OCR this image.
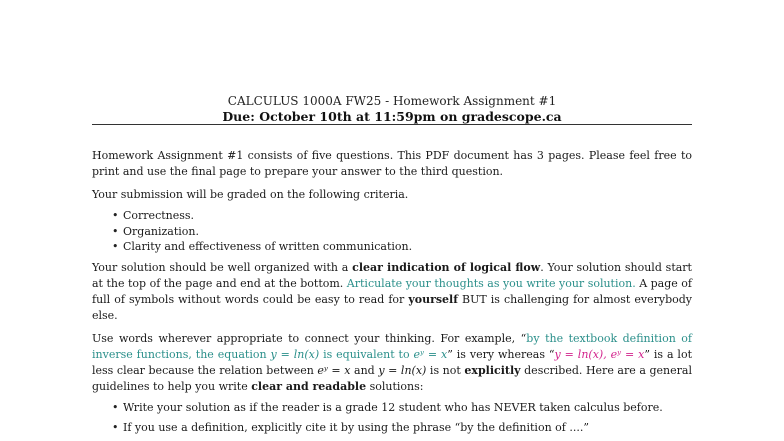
CALCULUS 1000A FW25 - Homework Assignment #1
Due: October 10th at 11:59pm on gradescope.ca

Homework Assignment #1 consists of five questions. This PDF document has 3 pages. Please feel free to print and use the final page to prepare your answer to the third question.

Your submission will be graded on the following criteria.

• Correctness.
• Organization.
• Clarity and effectiveness of written communication.

Your solution should be well organized with a clear indication of logical flow. Your solution should start at the top of the page and end at the bottom. Articulate your thoughts as you write your solution. A page of full of symbols without words could be easy to read for yourself BUT is challenging for almost everybody else.

Use words wherever appropriate to connect your thinking. For example, “by the textbook definition of inverse functions, the equation y = ln(x) is equivalent to eʸ = x” is very whereas “y = ln(x), eʸ = x” is a lot less clear because the relation between eʸ = x and y = ln(x) is not explicitly described. Here are a general guidelines to help you write clear and readable solutions:

• Write your solution as if the reader is a grade 12 student who has NEVER taken calculus before.
• If you use a definition, explicitly cite it by using the phrase “by the definition of ....”
